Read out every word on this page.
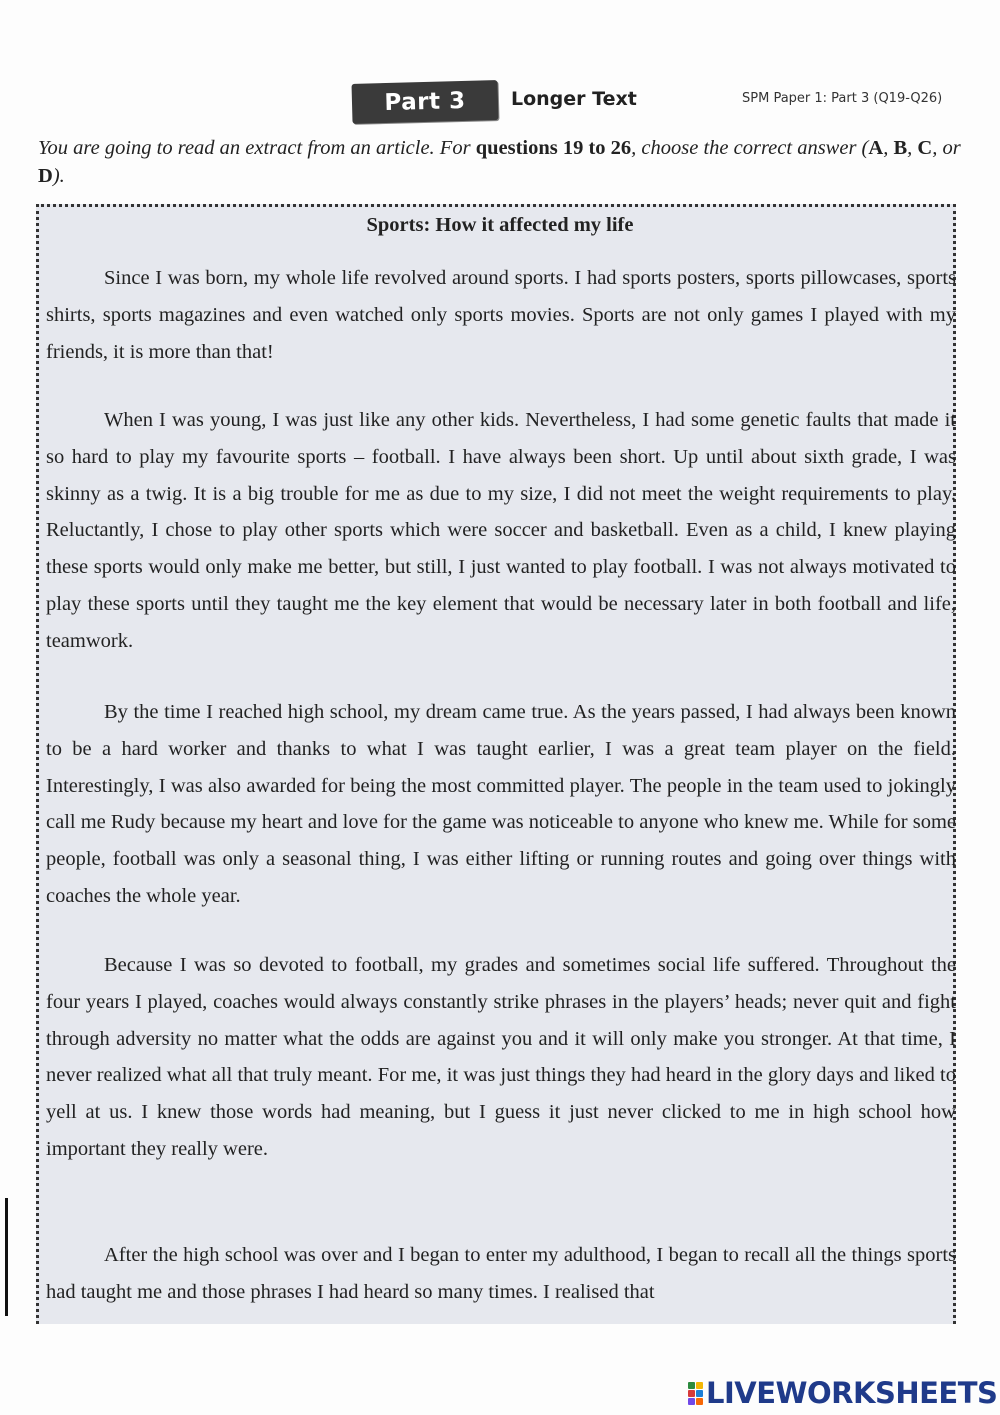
Part 3	Longer Text	SPM Paper 1: Part 3 (Q19-Q26)
You are going to read an extract from an article. For questions 19 to 26, choose the correct answer (A, B, C, or D).
Sports: How it affected my life
Since I was born, my whole life revolved around sports. I had sports posters, sports pillowcases, sports shirts, sports magazines and even watched only sports movies. Sports are not only games I played with my friends, it is more than that!
When I was young, I was just like any other kids. Nevertheless, I had some genetic faults that made it so hard to play my favourite sports – football. I have always been short. Up until about sixth grade, I was skinny as a twig. It is a big trouble for me as due to my size, I did not meet the weight requirements to play. Reluctantly, I chose to play other sports which were soccer and basketball. Even as a child, I knew playing these sports would only make me better, but still, I just wanted to play football. I was not always motivated to play these sports until they taught me the key element that would be necessary later in both football and life, teamwork.
By the time I reached high school, my dream came true. As the years passed, I had always been known to be a hard worker and thanks to what I was taught earlier, I was a great team player on the field. Interestingly, I was also awarded for being the most committed player. The people in the team used to jokingly call me Rudy because my heart and love for the game was noticeable to anyone who knew me. While for some people, football was only a seasonal thing, I was either lifting or running routes and going over things with coaches the whole year.
Because I was so devoted to football, my grades and sometimes social life suffered. Throughout the four years I played, coaches would always constantly strike phrases in the players’ heads; never quit and fight through adversity no matter what the odds are against you and it will only make you stronger. At that time, I never realized what all that truly meant. For me, it was just things they had heard in the glory days and liked to yell at us. I knew those words had meaning, but I guess it just never clicked to me in high school how important they really were.
After the high school was over and I began to enter my adulthood, I began to recall all the things sports had taught me and those phrases I had heard so many times. I realised that
LIVEWORKSHEETS
